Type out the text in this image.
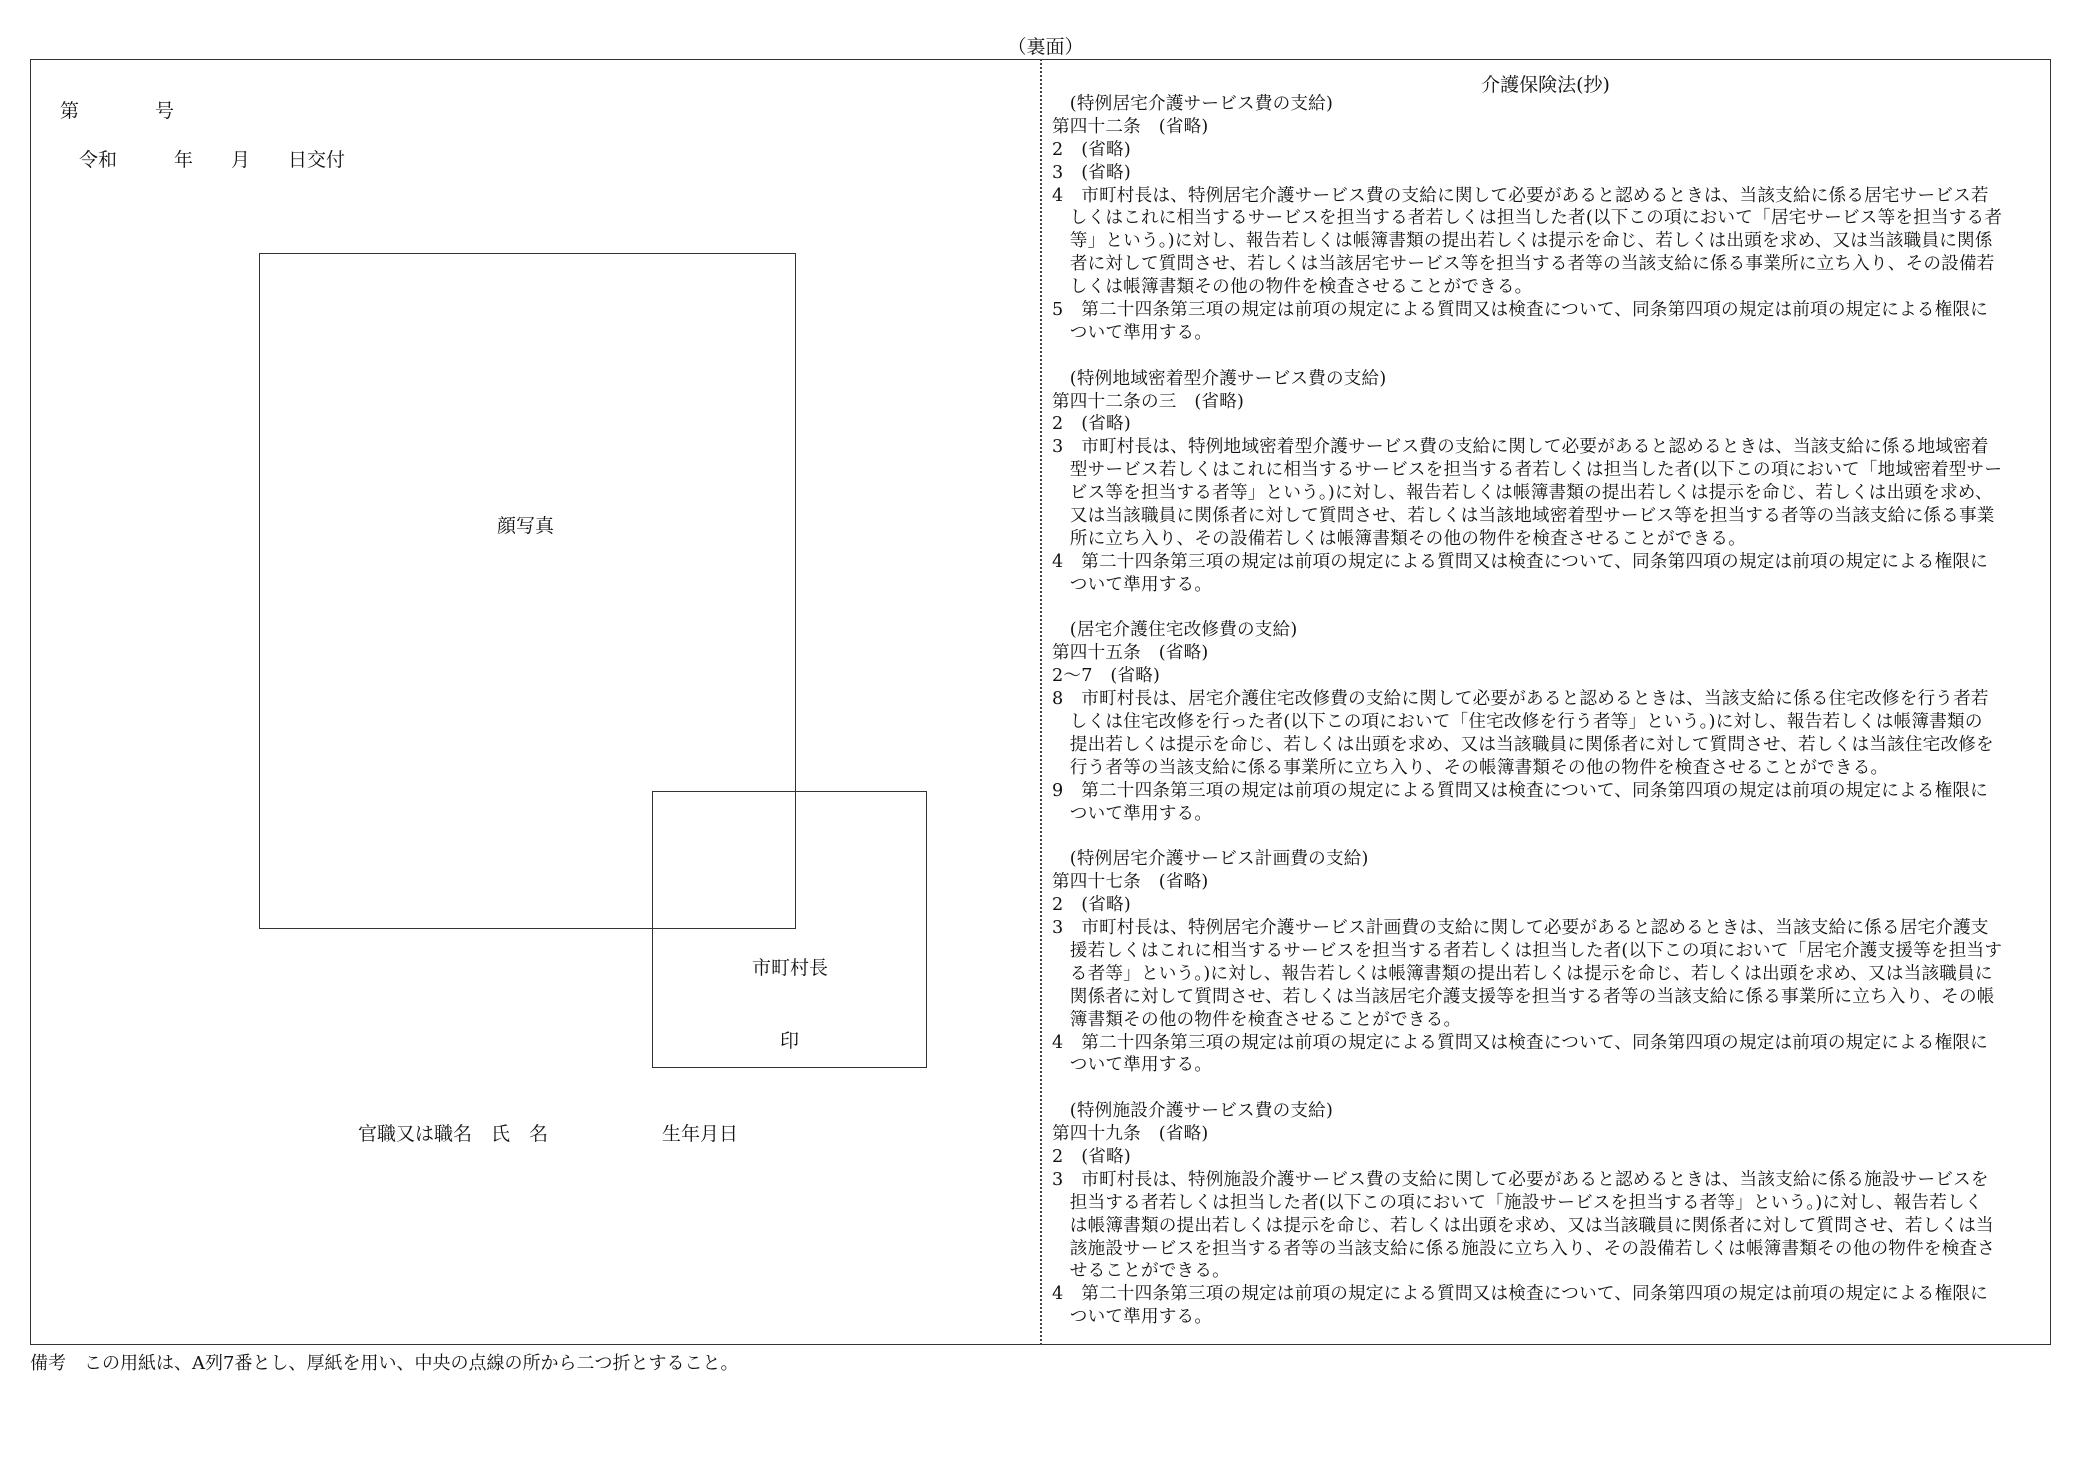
（裏面）
第　　　　号
令和　　　年　　月　　日交付
顔写真
市町村長
印
官職又は職名　氏　名　　　　　　生年月日
介護保険法(抄)
　(特例居宅介護サービス費の支給)
第四十二条　(省略)
2　(省略)
3　(省略)
4　市町村長は、特例居宅介護サービス費の支給に関して必要があると認めるときは、当該支給に係る居宅サービス若
　しくはこれに相当するサービスを担当する者若しくは担当した者(以下この項において「居宅サービス等を担当する者
　等」という。)に対し、報告若しくは帳簿書類の提出若しくは提示を命じ、若しくは出頭を求め、又は当該職員に関係
　者に対して質問させ、若しくは当該居宅サービス等を担当する者等の当該支給に係る事業所に立ち入り、その設備若
　しくは帳簿書類その他の物件を検査させることができる。
5　第二十四条第三項の規定は前項の規定による質問又は検査について、同条第四項の規定は前項の規定による権限に
　ついて準用する。
　(特例地域密着型介護サービス費の支給)
第四十二条の三　(省略)
2　(省略)
3　市町村長は、特例地域密着型介護サービス費の支給に関して必要があると認めるときは、当該支給に係る地域密着
　型サービス若しくはこれに相当するサービスを担当する者若しくは担当した者(以下この項において「地域密着型サー
　ビス等を担当する者等」という。)に対し、報告若しくは帳簿書類の提出若しくは提示を命じ、若しくは出頭を求め、
　又は当該職員に関係者に対して質問させ、若しくは当該地域密着型サービス等を担当する者等の当該支給に係る事業
　所に立ち入り、その設備若しくは帳簿書類その他の物件を検査させることができる。
4　第二十四条第三項の規定は前項の規定による質問又は検査について、同条第四項の規定は前項の規定による権限に
　ついて準用する。
　(居宅介護住宅改修費の支給)
第四十五条　(省略)
2～7　(省略)
8　市町村長は、居宅介護住宅改修費の支給に関して必要があると認めるときは、当該支給に係る住宅改修を行う者若
　しくは住宅改修を行った者(以下この項において「住宅改修を行う者等」という。)に対し、報告若しくは帳簿書類の
　提出若しくは提示を命じ、若しくは出頭を求め、又は当該職員に関係者に対して質問させ、若しくは当該住宅改修を
　行う者等の当該支給に係る事業所に立ち入り、その帳簿書類その他の物件を検査させることができる。
9　第二十四条第三項の規定は前項の規定による質問又は検査について、同条第四項の規定は前項の規定による権限に
　ついて準用する。
　(特例居宅介護サービス計画費の支給)
第四十七条　(省略)
2　(省略)
3　市町村長は、特例居宅介護サービス計画費の支給に関して必要があると認めるときは、当該支給に係る居宅介護支
　援若しくはこれに相当するサービスを担当する者若しくは担当した者(以下この項において「居宅介護支援等を担当す
　る者等」という。)に対し、報告若しくは帳簿書類の提出若しくは提示を命じ、若しくは出頭を求め、又は当該職員に
　関係者に対して質問させ、若しくは当該居宅介護支援等を担当する者等の当該支給に係る事業所に立ち入り、その帳
　簿書類その他の物件を検査させることができる。
4　第二十四条第三項の規定は前項の規定による質問又は検査について、同条第四項の規定は前項の規定による権限に
　ついて準用する。
　(特例施設介護サービス費の支給)
第四十九条　(省略)
2　(省略)
3　市町村長は、特例施設介護サービス費の支給に関して必要があると認めるときは、当該支給に係る施設サービスを
　担当する者若しくは担当した者(以下この項において「施設サービスを担当する者等」という。)に対し、報告若しく
　は帳簿書類の提出若しくは提示を命じ、若しくは出頭を求め、又は当該職員に関係者に対して質問させ、若しくは当
　該施設サービスを担当する者等の当該支給に係る施設に立ち入り、その設備若しくは帳簿書類その他の物件を検査さ
　せることができる。
4　第二十四条第三項の規定は前項の規定による質問又は検査について、同条第四項の規定は前項の規定による権限に
　ついて準用する。
備考　この用紙は、A列7番とし、厚紙を用い、中央の点線の所から二つ折とすること。
